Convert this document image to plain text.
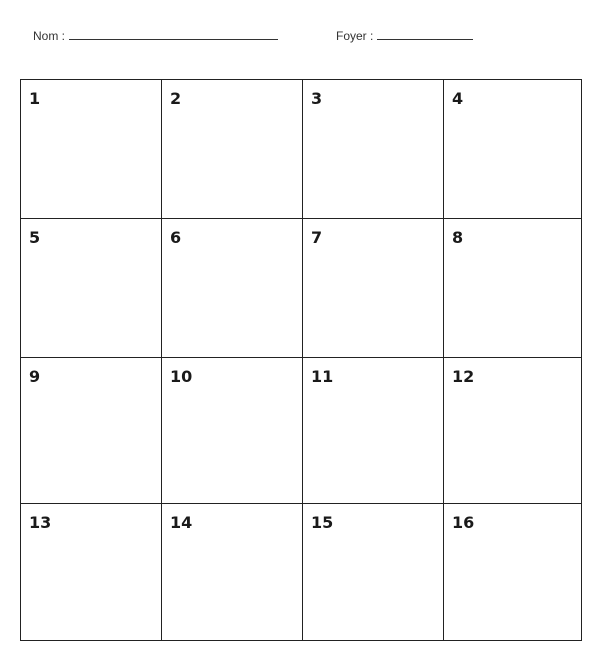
Nom :	Foyer :
1	2	3	4
5	6	7	8
9	10	11	12
13	14	15	16
